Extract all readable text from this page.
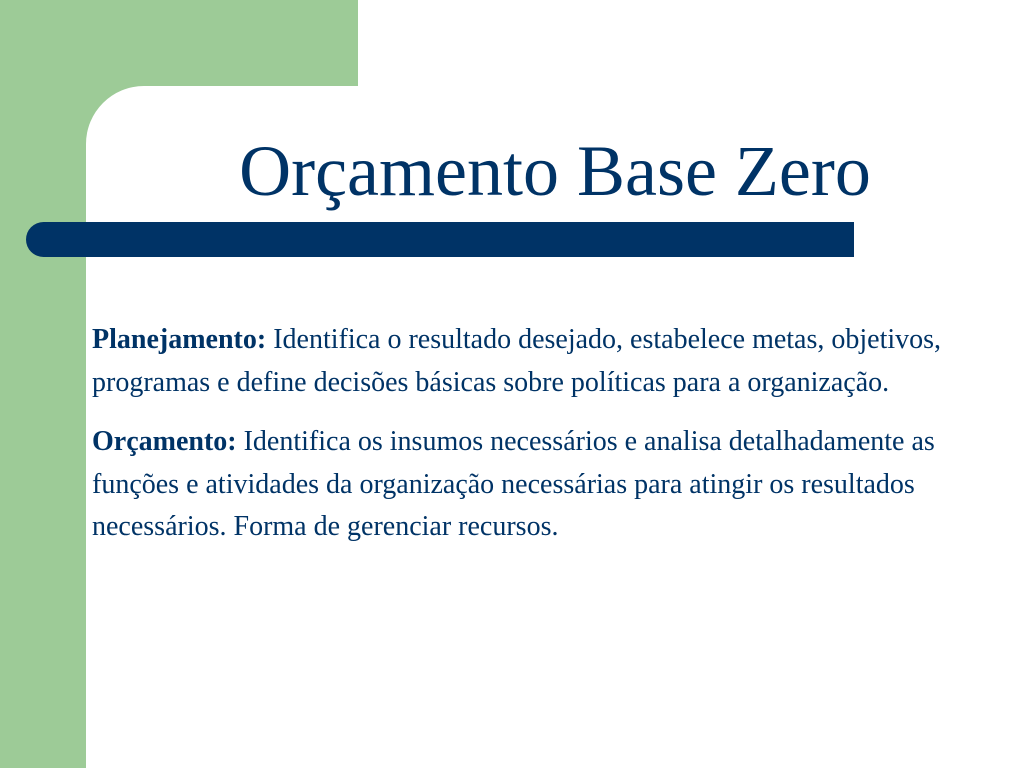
Orçamento Base Zero

Planejamento: Identifica o resultado desejado, estabelece metas, objetivos, programas e define decisões básicas sobre políticas para a organização.

Orçamento: Identifica os insumos necessários e analisa detalhadamente as funções e atividades da organização necessárias para atingir os resultados necessários. Forma de gerenciar recursos.
